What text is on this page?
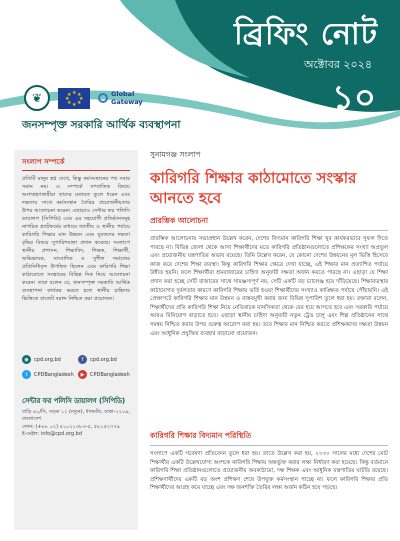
ব্রিফিং নোট
অক্টোবর ২০২৪
১০
❦	★ ★
★
★
★
★
★
★	Global
Gateway
জনসম্পৃক্ত সরকারি আর্থিক ব্যবস্থাপনা
সংলাপ সম্পর্কে
প্রতিটি মানুষ স্বপ্ন দেখে, কিন্তু কর্মসংস্থানের পথ সবার সমান নয়। এ সম্পর্কে সাম্প্রতিক বিষয়ে অংশগ্রহণকারীরা তাদের মতামত তুলে ধরেন এবং দক্ষতার সাথে কর্মসংস্থান তৈরির প্রয়োজনীয়তার উপর আলোচনা করেন। এছাড়াও সেন্টার ফর পলিসি ডায়ালগ (সিপিডি) এবং এর সহযোগী প্রতিষ্ঠানসমূহ নাগরিক প্ল্যাটফর্মের মাধ্যমে জাতীয় ও স্থানীয় পর্যায়ে কারিগরি শিক্ষার মান উন্নয়ন এবং যুবকদের দক্ষতা বৃদ্ধির বিষয়ে সুপারিশমালা প্রদান করেছে। সংলাপে স্থানীয় প্রশাসন, শিক্ষাবিদ, শিক্ষক, শিক্ষার্থী, অভিভাবক, সাংবাদিক ও সুশীল সমাজের প্রতিনিধিবৃন্দ উপস্থিত ছিলেন এবং কারিগরি শিক্ষা কাঠামোতে সংস্কারের বিভিন্ন দিক নিয়ে আলোচনা করেন। তারা বলেন যে, জনসম্পৃক্ত সরকারি আর্থিক ব্যবস্থাপনা কার্যকর করতে হলে স্থানীয় চাহিদার ভিত্তিতে বাজেট বরাদ্দ নিশ্চিত করা প্রয়োজন।
◉	cpd.org.bd	f	cpd.org.bd
t	CPDBangladesh	▶	CPDBangladesh
সেন্টার ফর পলিসি ডায়ালগ (সিপিডি)
বাড়ি ৪০/সি, সড়ক ১১ (নতুন), ধানমন্ডি, ঢাকা-১২০৯, বাংলাদেশ
ফোন: (+৮৮ ০২) ৪১০২১৩৮৩-৫, ৫৮১৫২৭৭৯
ই-মেইল: info@cpd.org.bd
সুনামগঞ্জ সংলাপ
কারিগরি শিক্ষার কাঠামোতে সংস্কার আনতে হবে
প্রারম্ভিক আলোচনা
প্রারম্ভিক আলোচনায় সভাপ্রধান উল্লেখ করেন, দেশের বিদ্যমান কারিগরি শিক্ষা খুব কার্যকরভাবে সুফল দিতে পারছে না। বিভিন্ন জেলা থেকে আসা শিক্ষার্থীদের মতে কারিগরি প্রতিষ্ঠানগুলোতে প্রশিক্ষকের সংখ্যা অপ্রতুল এবং প্রয়োজনীয় যন্ত্রপাতির অভাব রয়েছে। তিনি উল্লেখ করেন, যে কোনো দেশের উন্নয়নের মূল ভিত্তি হিসেবে কাজ করে দেশের শিক্ষা ব্যবস্থা। কিন্তু কারিগরি শিক্ষার ক্ষেত্রে দেখা যাচ্ছে, এই শিক্ষার মান প্রত্যাশিত পর্যায়ে উন্নীত হয়নি। ফলে শিক্ষার্থীরা শ্রমবাজারের চাহিদা অনুযায়ী দক্ষতা অর্জন করতে পারছে না। এছাড়া যে শিক্ষা প্রদান করা হচ্ছে সেটি বাজারের সাথে সামঞ্জস্যপূর্ণ নয়, সেটি একটি বড় চ্যালেঞ্জ হয়ে দাঁড়িয়েছে। শিক্ষাব্যবস্থার কাঠামোগত দুর্বলতার কারণে কারিগরি শিক্ষায় ভর্তি হওয়া শিক্ষার্থীদের সংখ্যাও কাঙ্ক্ষিত পর্যায়ে পৌঁছায়নি। এই প্রেক্ষাপটে কারিগরি শিক্ষার মান উন্নয়ন ও বাস্তবমুখী করার জন্য বিভিন্ন সুপারিশ তুলে ধরা হয়। বক্তারা বলেন, শিক্ষার্থীদের প্রতি কারিগরি শিক্ষা নিয়ে নেতিবাচক মানসিকতা থেকে বের হয়ে আসতে হবে এবং সরকারি পর্যায়ে আরও বিনিয়োগ বাড়াতে হবে। এছাড়া স্থানীয় চাহিদা অনুযায়ী নতুন ট্রেড চালু এবং শিল্প প্রতিষ্ঠানের সাথে সমন্বয় নিশ্চিত করার উপর গুরুত্ব আরোপ করা হয়। তবে শিক্ষার মান নিশ্চিত করতে প্রশিক্ষকদের দক্ষতা উন্নয়ন এবং আধুনিক প্রযুক্তির ব্যবহার বাড়ানো প্রয়োজন।
কারিগরি শিক্ষার বিদ্যমান পরিস্থিতি
সংলাপে একটি গবেষণা প্রতিবেদন তুলে ধরা হয়। তাতে উল্লেখ করা হয়, ২০৩০ সালের মধ্যে দেশের মোট শিক্ষার্থীর একটি উল্লেখযোগ্য অংশকে কারিগরি শিক্ষায় অন্তর্ভুক্ত করার লক্ষ্য নির্ধারণ করা হয়েছে। কিন্তু বর্তমানে কারিগরি শিক্ষা প্রতিষ্ঠানগুলোতে প্রয়োজনীয় অবকাঠামো, দক্ষ শিক্ষক এবং আধুনিক যন্ত্রপাতির ঘাটতি রয়েছে। প্রশিক্ষণার্থীদের একটি বড় অংশ প্রশিক্ষণ শেষে উপযুক্ত কর্মসংস্থান পাচ্ছে না। ফলে কারিগরি শিক্ষার প্রতি শিক্ষার্থীদের আগ্রহ কমে যাচ্ছে এবং দক্ষ জনশক্তি তৈরির লক্ষ্য অর্জন কঠিন হয়ে পড়ছে।
